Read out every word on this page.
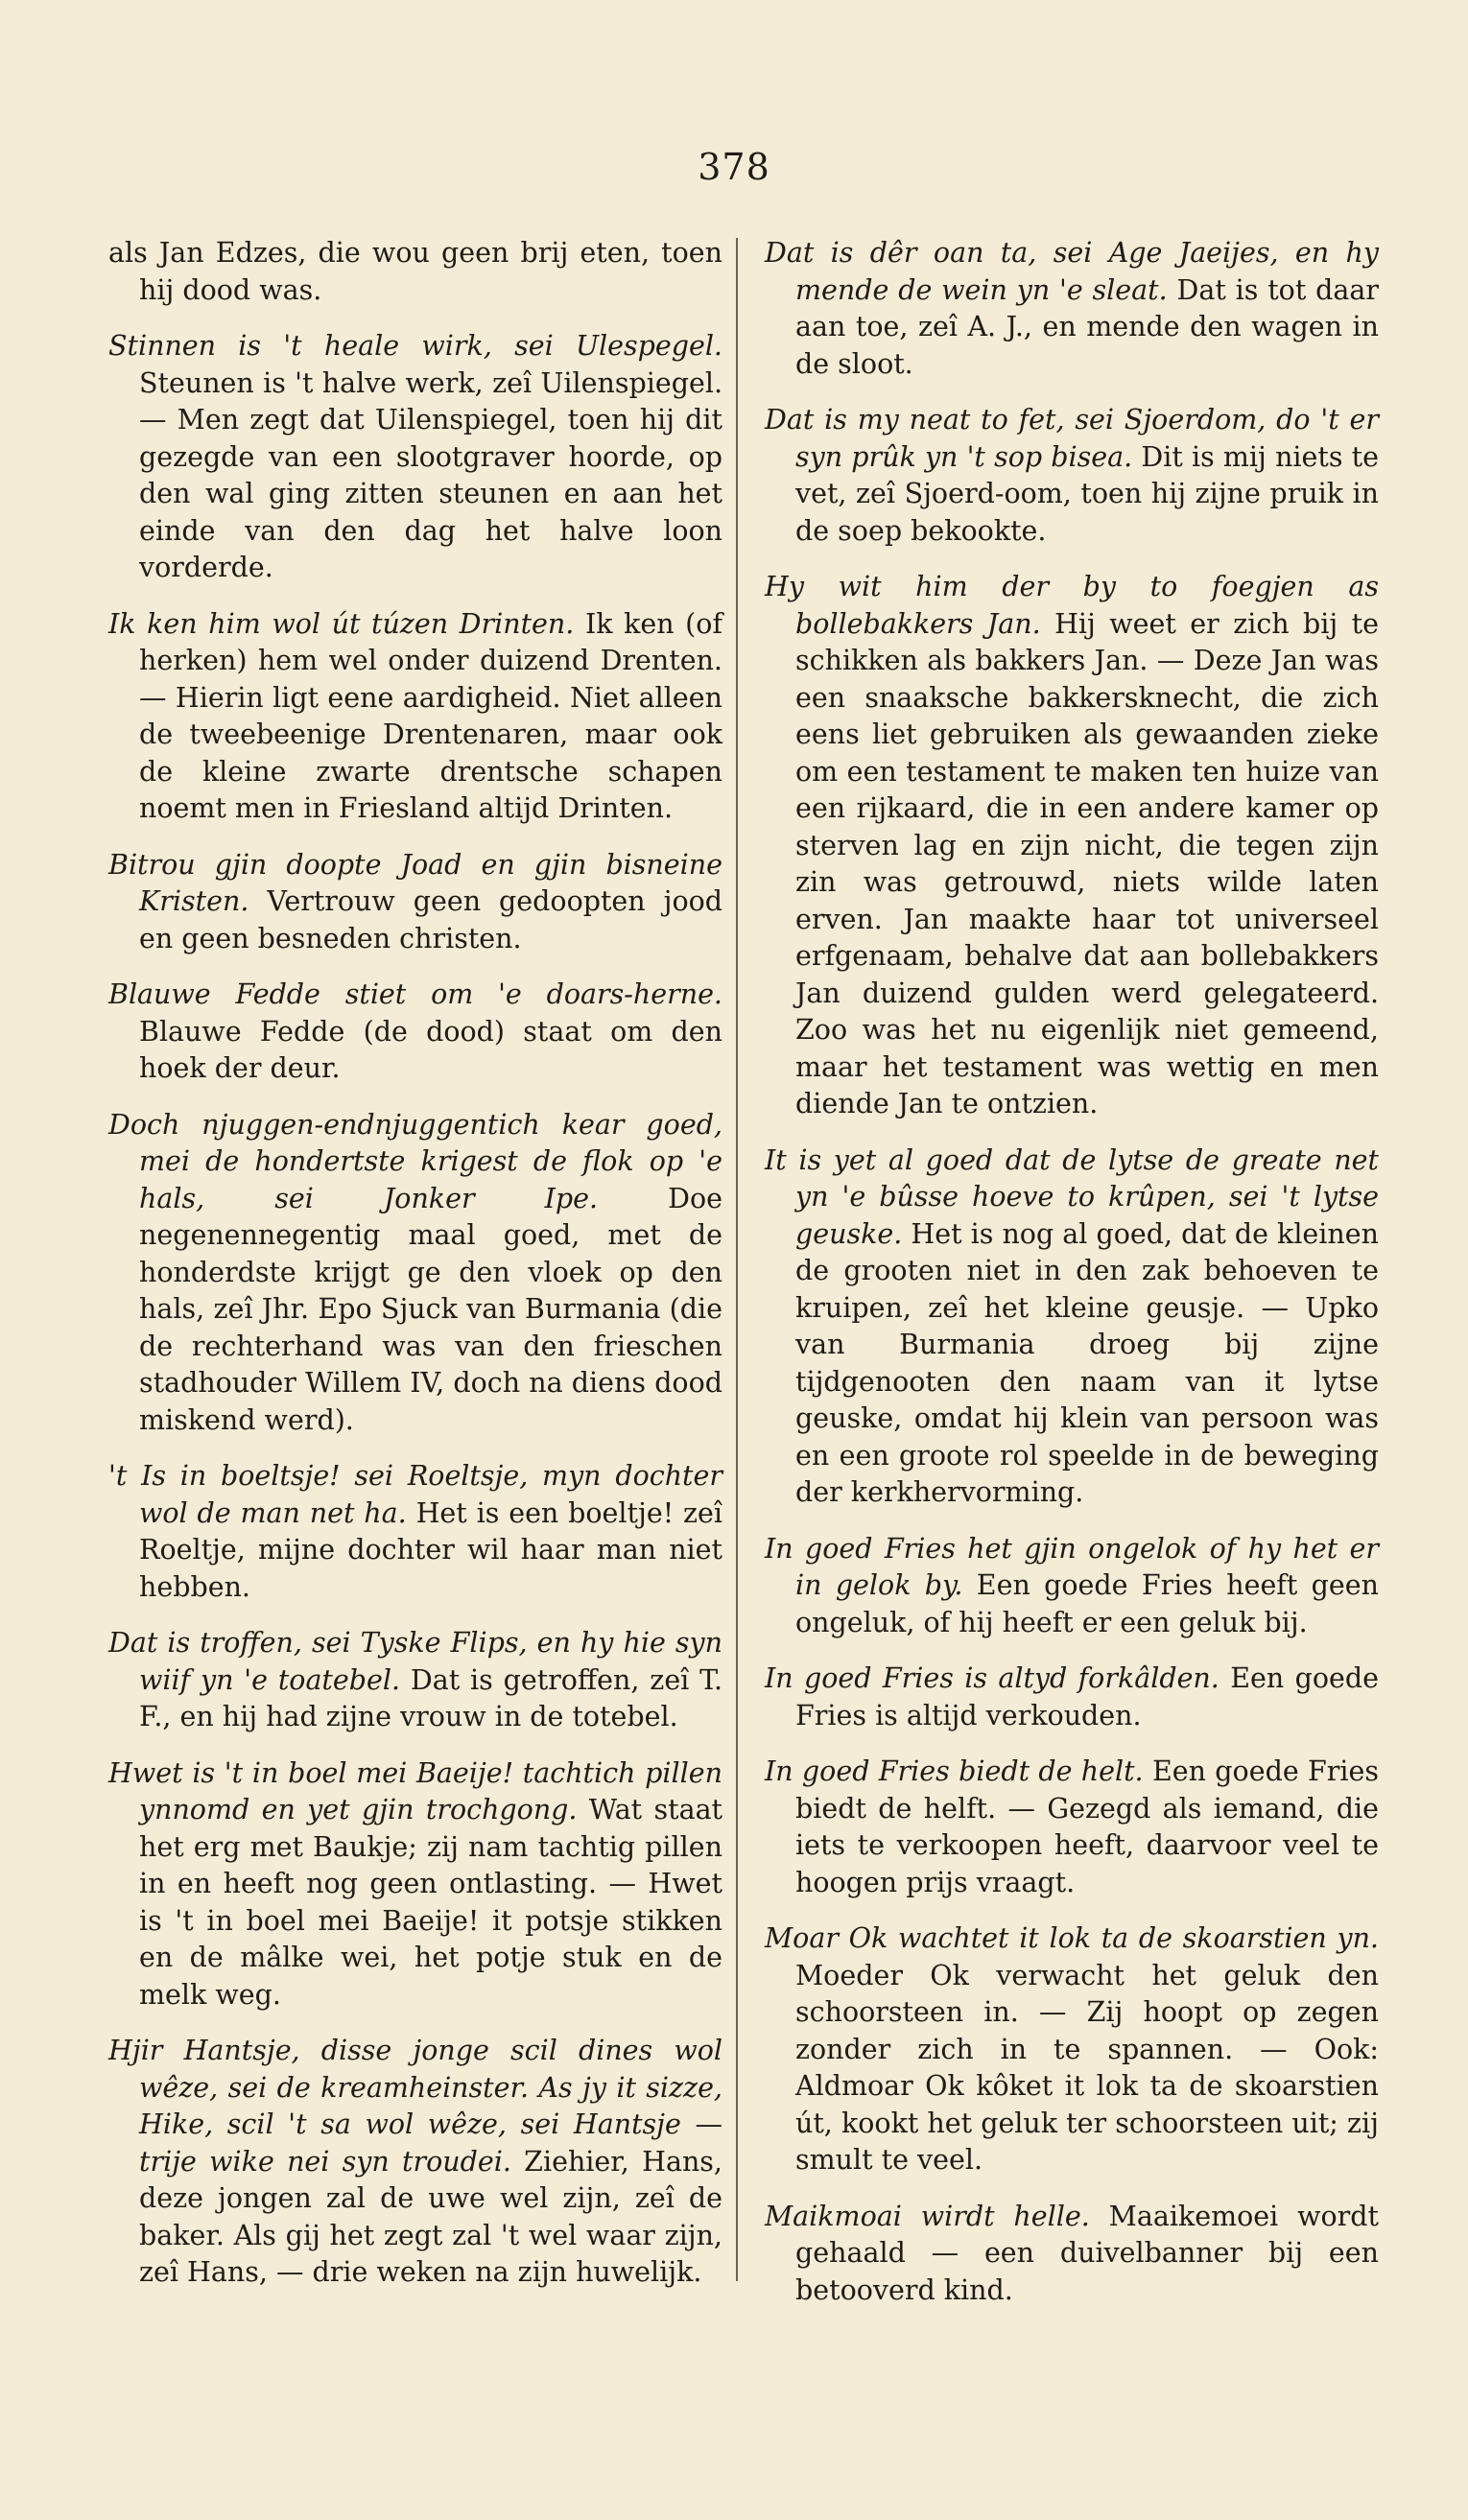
378

als Jan Edzes, die wou geen brij eten, toen hij dood was.

Stinnen is 't heale wirk, sei Ulespegel. Steunen is 't halve werk, zeî Uilenspiegel. — Men zegt dat Uilenspiegel, toen hij dit gezegde van een slootgraver hoorde, op den wal ging zitten steunen en aan het einde van den dag het halve loon vorderde.

Ik ken him wol út túzen Drinten. Ik ken (of herken) hem wel onder duizend Drenten. — Hierin ligt eene aardigheid. Niet alleen de tweebeenige Drentenaren, maar ook de kleine zwarte drentsche schapen noemt men in Friesland altijd Drinten.

Bitrou gjin doopte Joad en gjin bisneine Kristen. Vertrouw geen gedoopten jood en geen besneden christen.

Blauwe Fedde stiet om 'e doars-herne. Blauwe Fedde (de dood) staat om den hoek der deur.

Doch njuggen-endnjuggentich kear goed, mei de hondertste krigest de flok op 'e hals, sei Jonker Ipe.	Doe negenennegentig maal goed, met de honderdste krijgt ge den vloek op den hals, zeî Jhr. Epo Sjuck van Burmania (die de rechterhand was van den frieschen stadhouder Willem IV, doch na diens dood miskend werd).

't Is in boeltsje! sei Roeltsje, myn dochter wol de man net ha. Het is een boeltje! zeî Roeltje, mijne dochter wil haar man niet hebben.

Dat is troffen, sei Tyske Flips, en hy hie syn wiif yn 'e toatebel. Dat is getroffen, zeî T. F., en hij had zijne vrouw in de totebel.

Hwet is 't in boel mei Baeije! tachtich pillen ynnomd en yet gjin trochgong. Wat staat het erg met Baukje; zij nam tachtig pillen in en heeft nog geen ontlasting. — Hwet is 't in boel mei Baeije! it potsje stikken en de mâlke wei, het potje stuk en de melk weg.

Hjir Hantsje, disse jonge scil dines wol wêze, sei de kreamheinster. As jy it sizze, Hike, scil 't sa wol wêze, sei Hantsje — trije wike nei syn troudei. Ziehier, Hans, deze jongen zal de uwe wel zijn, zeî de baker. Als gij het zegt zal 't wel waar zijn, zeî Hans, — drie weken na zijn huwelijk.

Dat is dêr oan ta, sei Age Jaeijes, en hy mende de wein yn 'e sleat. Dat is tot daar aan toe, zeî A. J., en mende den wagen in de sloot.

Dat is my neat to fet, sei Sjoerdom, do 't er syn prûk yn 't sop bisea. Dit is mij niets te vet, zeî Sjoerd-oom, toen hij zijne pruik in de soep bekookte.

Hy wit him der by to foegjen as bollebakkers Jan. Hij weet er zich bij te schikken als bakkers Jan. — Deze Jan was een snaaksche bakkersknecht, die zich eens liet gebruiken als gewaanden zieke om een testament te maken ten huize van een rijkaard, die in een andere kamer op sterven lag en zijn nicht, die tegen zijn zin was getrouwd, niets wilde laten erven. Jan maakte haar tot universeel erfgenaam, behalve dat aan bollebakkers Jan duizend gulden werd gelegateerd. Zoo was het nu eigenlijk niet gemeend, maar het testament was wettig en men diende Jan te ontzien.

It is yet al goed dat de lytse de greate net yn 'e bûsse hoeve to krûpen, sei 't lytse geuske. Het is nog al goed, dat de kleinen de grooten niet in den zak behoeven te kruipen, zeî het kleine geusje. — Upko van Burmania droeg bij zijne tijdgenooten den naam van it lytse geuske, omdat hij klein van persoon was en een groote rol speelde in de beweging der kerkhervorming.

In goed Fries het gjin ongelok of hy het er in gelok by. Een goede Fries heeft geen ongeluk, of hij heeft er een geluk bij.

In goed Fries is altyd forkâlden. Een goede Fries is altijd verkouden.

In goed Fries biedt de helt. Een goede Fries biedt de helft. — Gezegd als iemand, die iets te verkoopen heeft, daarvoor veel te hoogen prijs vraagt.

Moar Ok wachtet it lok ta de skoarstien yn. Moeder Ok verwacht het geluk den schoorsteen in. — Zij hoopt op zegen zonder zich in te spannen. — Ook: Aldmoar Ok kôket it lok ta de skoarstien út, kookt het geluk ter schoorsteen uit; zij smult te veel.

Maikmoai wirdt helle. Maaikemoei wordt gehaald — een duivelbanner bij een betooverd kind.
